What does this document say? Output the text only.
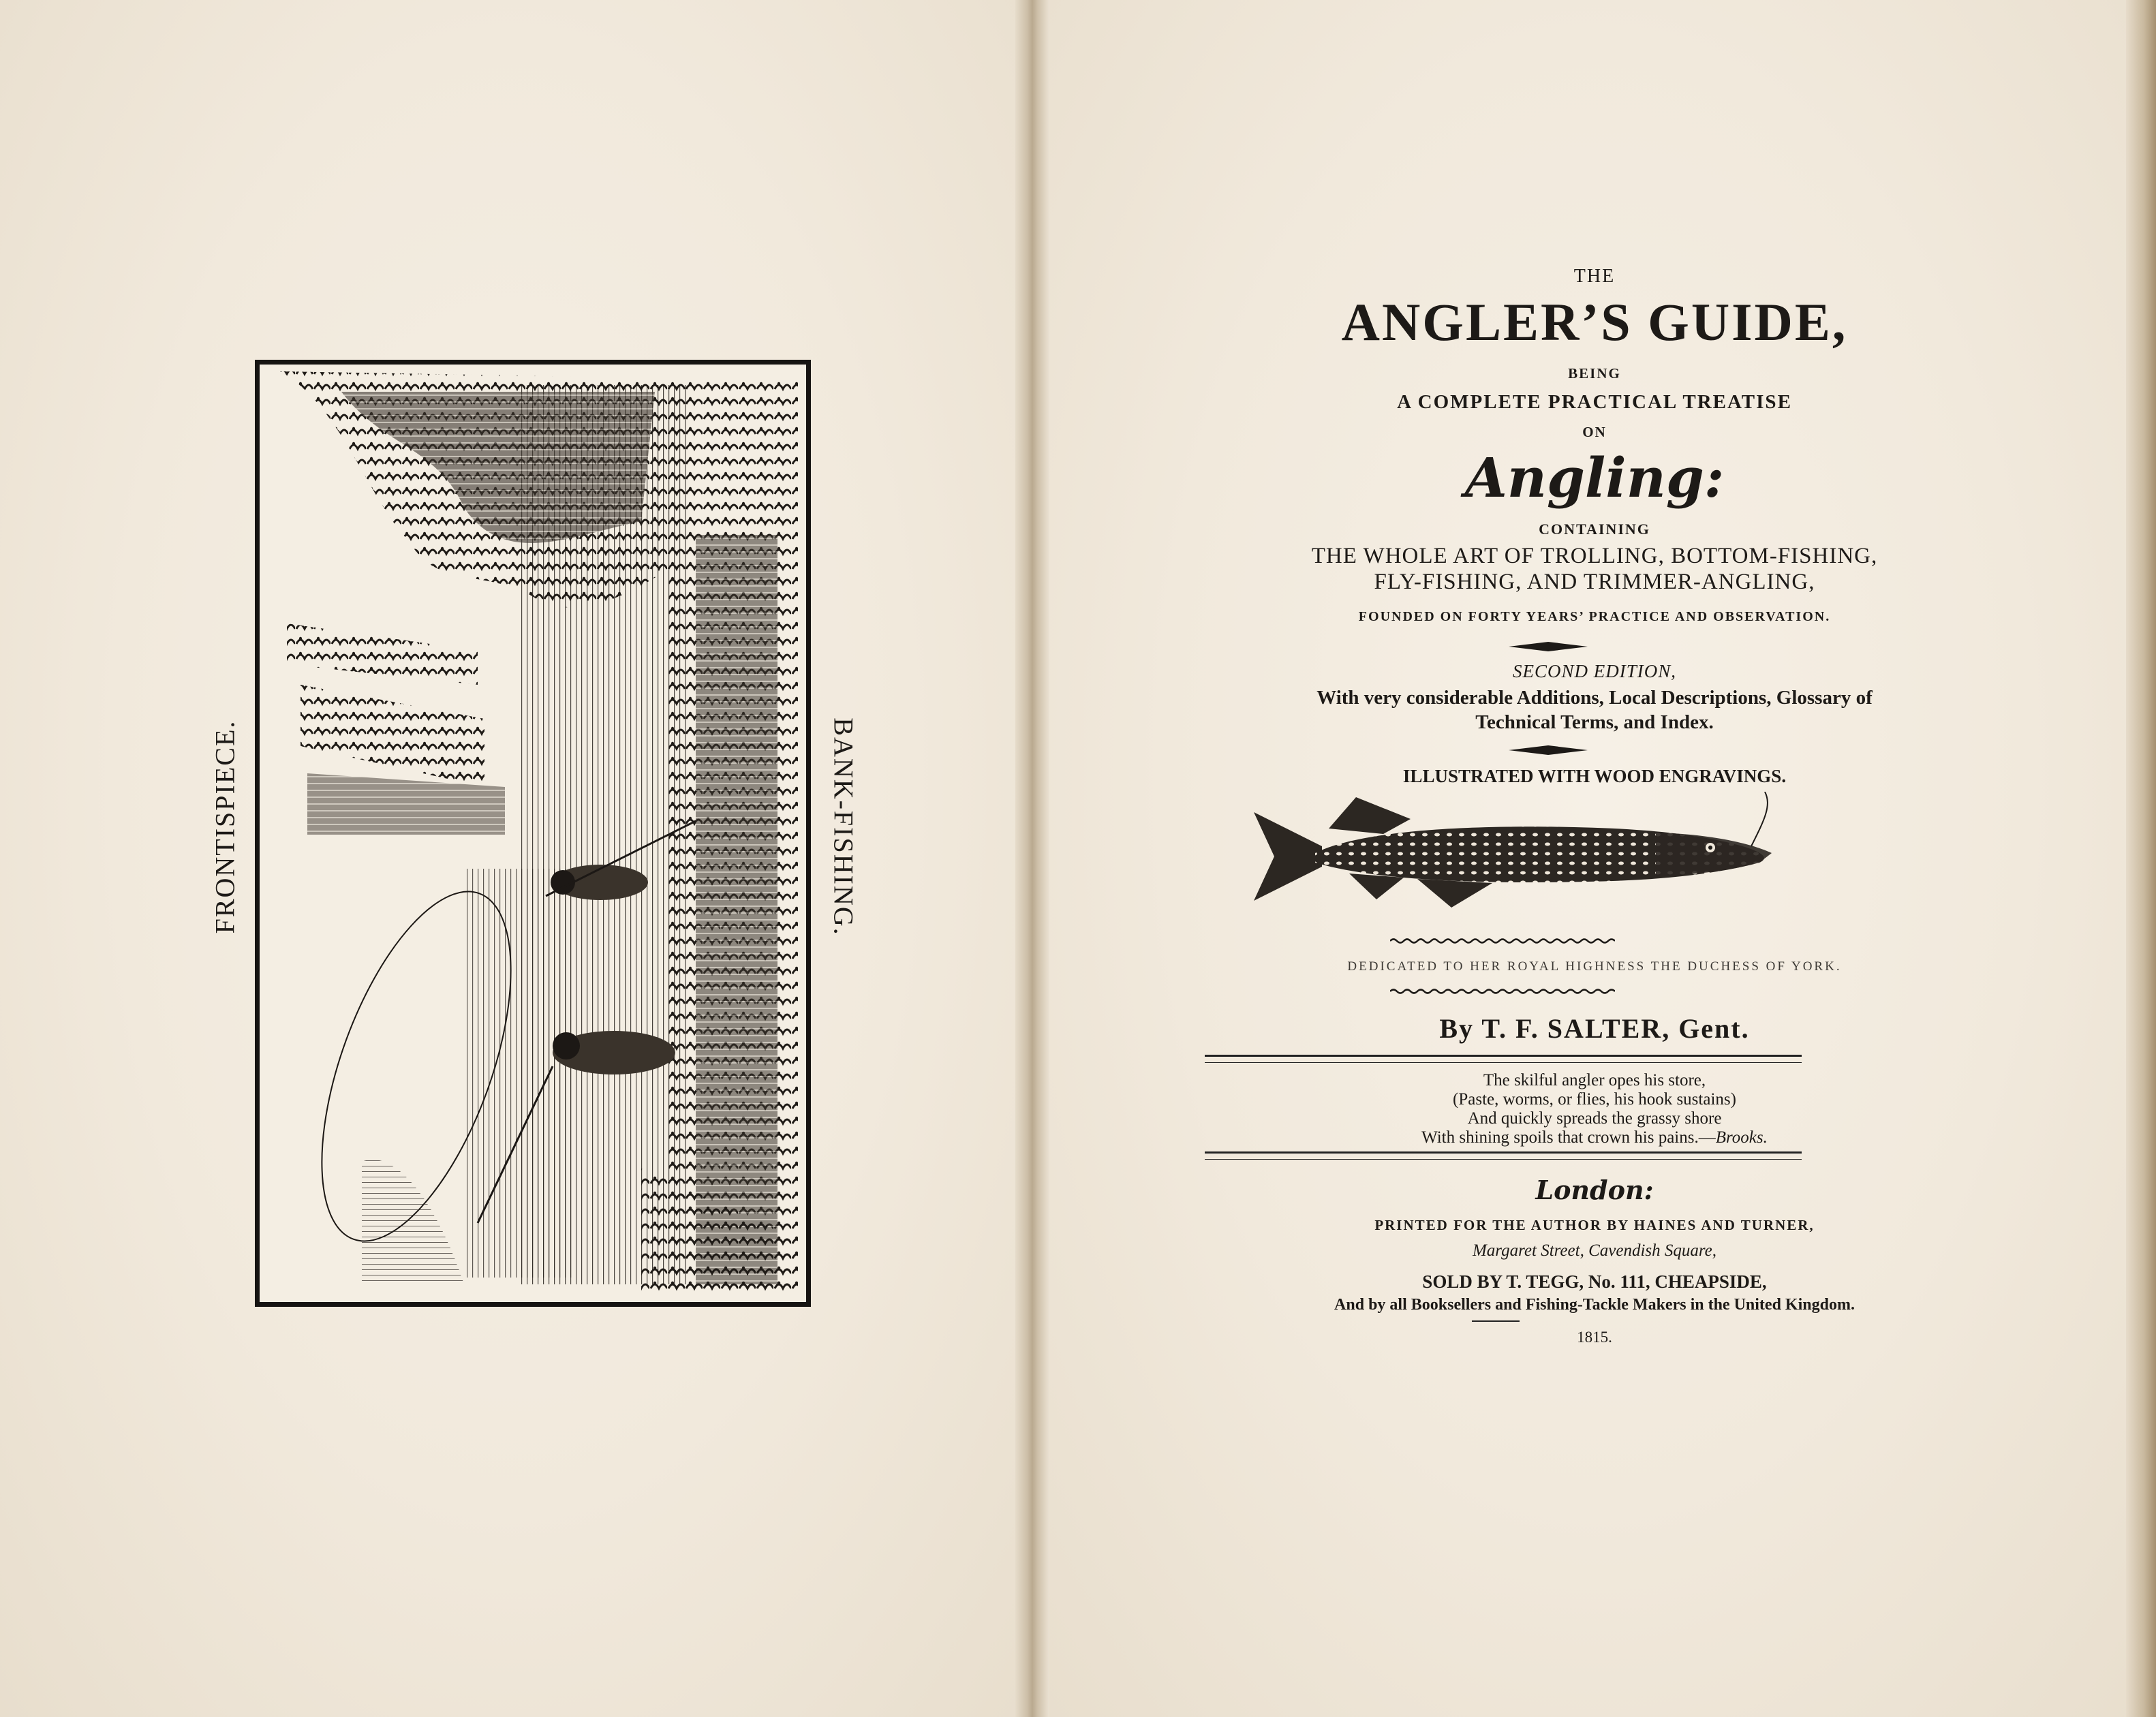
FRONTISPIECE.	BANK-FISHING.
THE
ANGLER’S GUIDE,
BEING
A COMPLETE PRACTICAL TREATISE
ON
Angling:
CONTAINING
THE WHOLE ART OF TROLLING, BOTTOM-FISHING,
FLY-FISHING, AND TRIMMER-ANGLING,
FOUNDED ON FORTY YEARS’ PRACTICE AND OBSERVATION.
SECOND EDITION,
With very considerable Additions, Local Descriptions, Glossary of
Technical Terms, and Index.
ILLUSTRATED WITH WOOD ENGRAVINGS.
DEDICATED TO HER ROYAL HIGHNESS THE DUCHESS OF YORK.
By T. F. SALTER, Gent.
The skilful angler opes his store,
(Paste, worms, or flies, his hook sustains)
And quickly spreads the grassy shore
With shining spoils that crown his pains.—Brooks.
London:
PRINTED FOR THE AUTHOR BY HAINES AND TURNER,
Margaret Street, Cavendish Square,
SOLD BY T. TEGG, No. 111, CHEAPSIDE,
And by all Booksellers and Fishing-Tackle Makers in the United Kingdom.
1815.
